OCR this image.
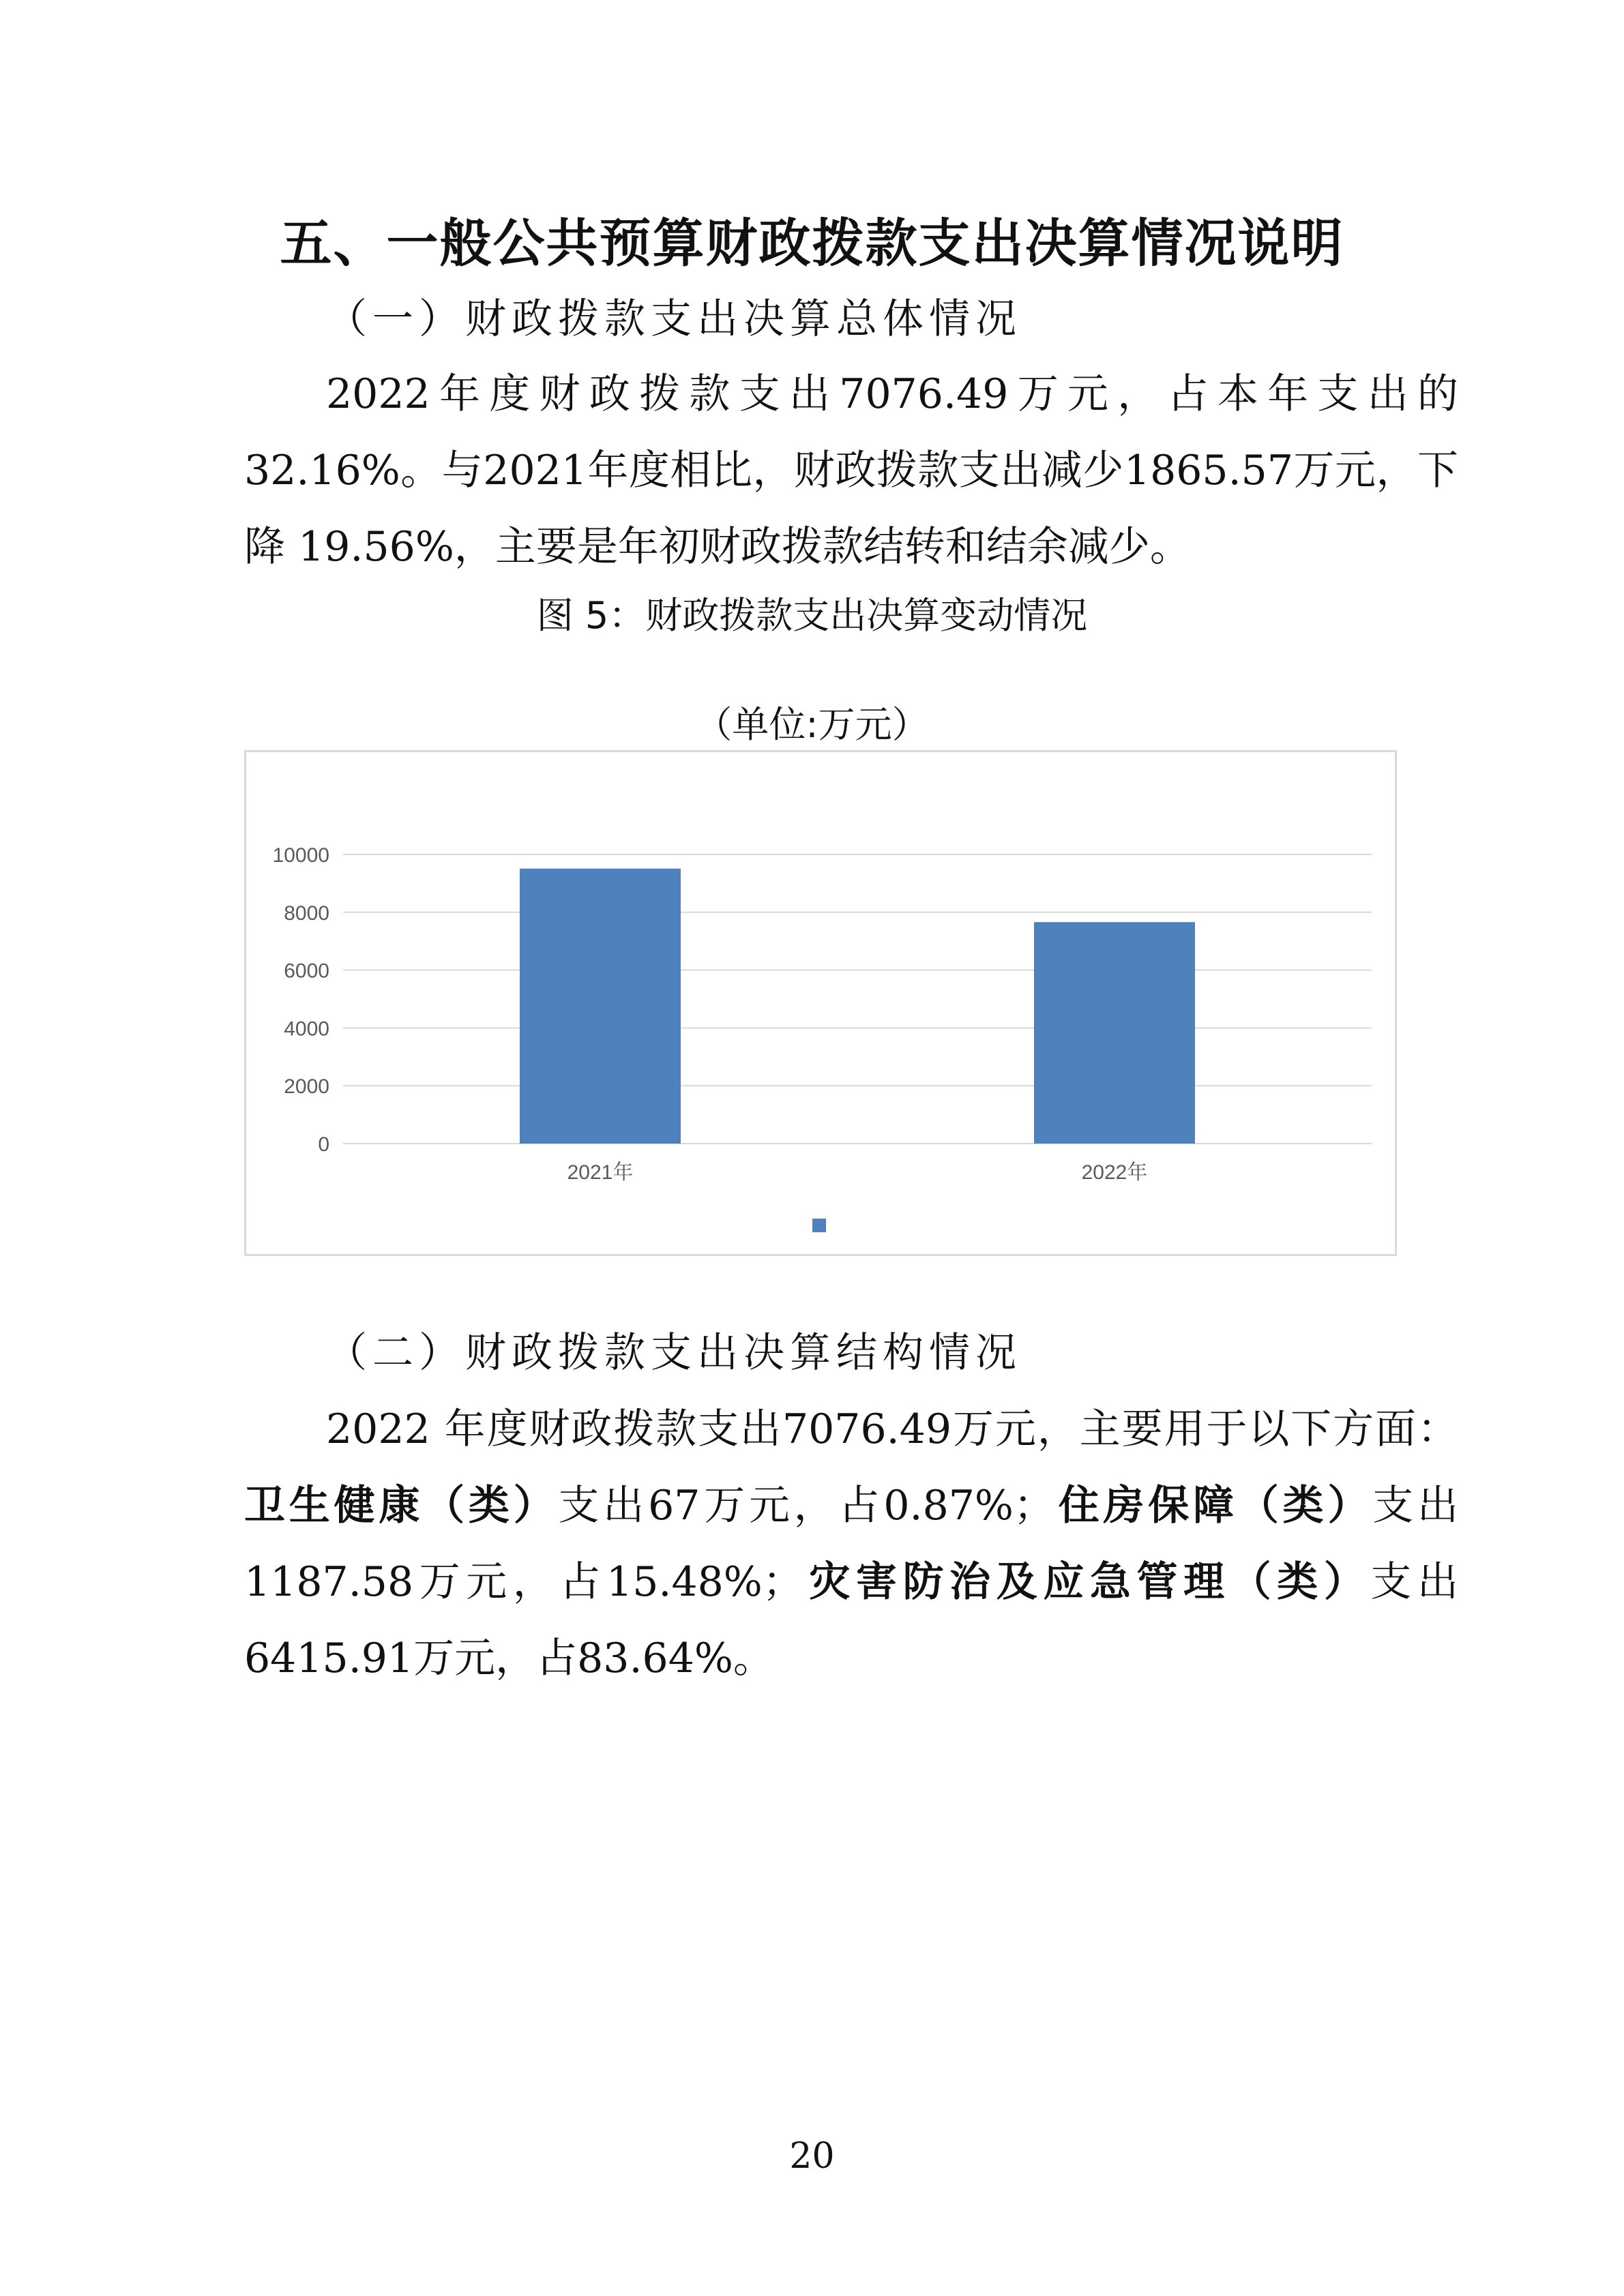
五、一般公共预算财政拨款支出决算情况说明
（一）财政拨款支出决算总体情况

2022年度财政拨款支出7076.49万元，占本年支出的　32.16%。与2021年度相比，财政拨款支出减少1865.57万元，下降 19.56%，主要是年初财政拨款结转和结余减少。

图 5：财政拨款支出决算变动情况
（单位:万元）
0
2000
4000
6000
8000
10000
2021年	2022年
（二）财政拨款支出决算结构情况

2022 年度财政拨款支出7076.49万元，主要用于以下方面：卫生健康（类）支出67万元，占0.87%；住房保障（类）支出1187.58万元，占15.48%；灾害防治及应急管理（类）支出6415.91万元，占83.64%。

20
